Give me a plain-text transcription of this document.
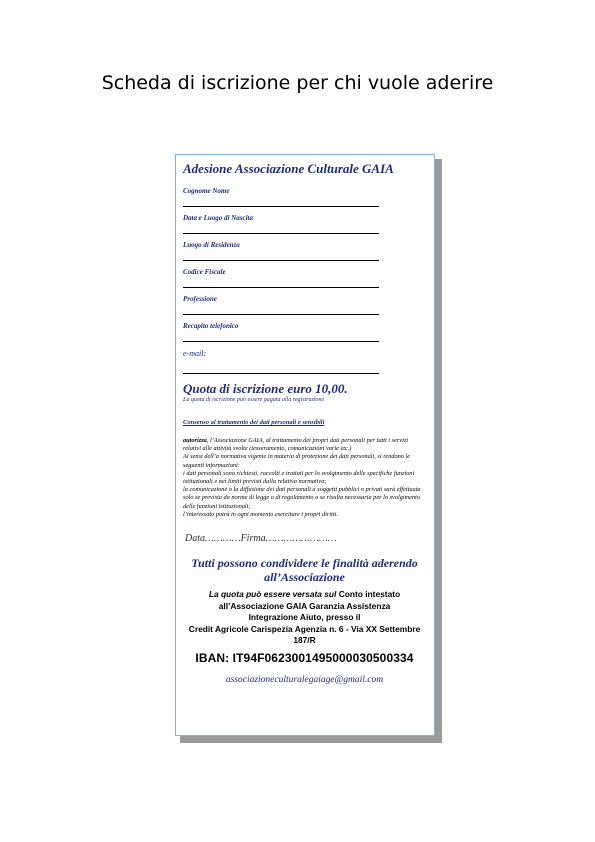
Scheda di iscrizione per chi vuole aderire
Adesione Associazione Culturale GAIA
Cognome Nome
Data e Luogo di Nascita
Luogo di Residenza
Codice Fiscale
Professione
Recapito telefonico
e-mail:
Quota di iscrizione euro 10,00.
La quota di iscrizione può essere pagata alla registrazione
Consenso al trattamento dei dati personali e sensibili

autorizza, l’Associazione GAIA, al trattamento dei propri dati personali per tutti i servizi relativi alle attività svolte (tesseramento, comunicazioni varie etc.)

Ai sensi dell’a normativa vigente in materia di protezione dei dati personali, si rendono le seguenti informazioni:

i dati personali sono richiesti, raccolti e trattati per lo svolgimento delle specifiche funzioni istituzionali e nei limiti previsti dalla relativa normativa;

la comunicazione o la diffusione dei dati personali a soggetti pubblici o privati sarà effettuata solo se prevista da norme di legge o di regolamento o se risulta necessaria per lo svolgimento delle funzioni istituzionali;

l’interessato potrà in ogni momento esercitare i propri diritti.

Data…………Firma……………………
Tutti possono condividere le finalità aderendo
all’Associazione
La quota può essere versata sul Conto intestato
all’Associazione GAIA Garanzia Assistenza
Integrazione Aiuto, presso il
Credit Agricole Carispezia Agenzia n. 6 - Via XX Settembre
187/R
IBAN: IT94F0623001495000030500334
associazioneculturalegaiage@gmail.com
